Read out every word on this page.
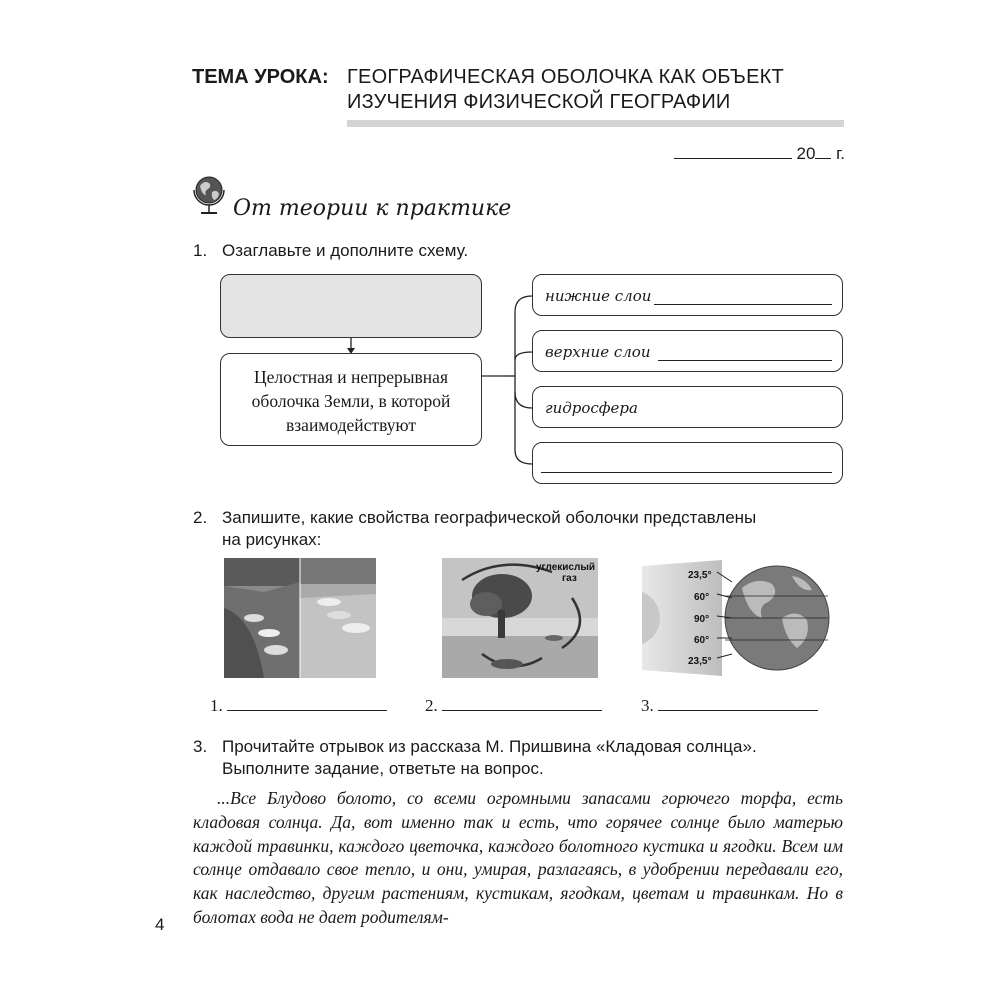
ТЕМА УРОКА: ГЕОГРАФИЧЕСКАЯ ОБОЛОЧКА КАК ОБЪЕКТ
ИЗУЧЕНИЯ ФИЗИЧЕСКОЙ ГЕОГРАФИИ
20 г.
От теории к практике
1. Озаглавьте и дополните схему.
Целостная и непрерывная
оболочка Земли, в которой
взаимодействуют
нижние слои
верхние слои
гидросфера
2. Запишите, какие свойства географической оболочки представлены
на рисунках:
углекислый
газ	23,5°
60°
90°
60°
23,5°
1.	2.	3.
3. Прочитайте отрывок из рассказа М. Пришвина «Кладовая солнца».
Выполните задание, ответьте на вопрос.
...Все Блудово болото, со всеми огромными запасами горючего торфа, есть кладовая солнца. Да, вот именно так и есть, что горячее солнце было матерью каждой травинки, каждого цветочка, каждого болотного кустика и ягодки. Всем им солнце отдавало свое тепло, и они, умирая, разлагаясь, в удобрении передавали его, как наследство, другим растениям, кустикам, ягодкам, цветам и травинкам. Но в болотах вода не дает родителям-
4
